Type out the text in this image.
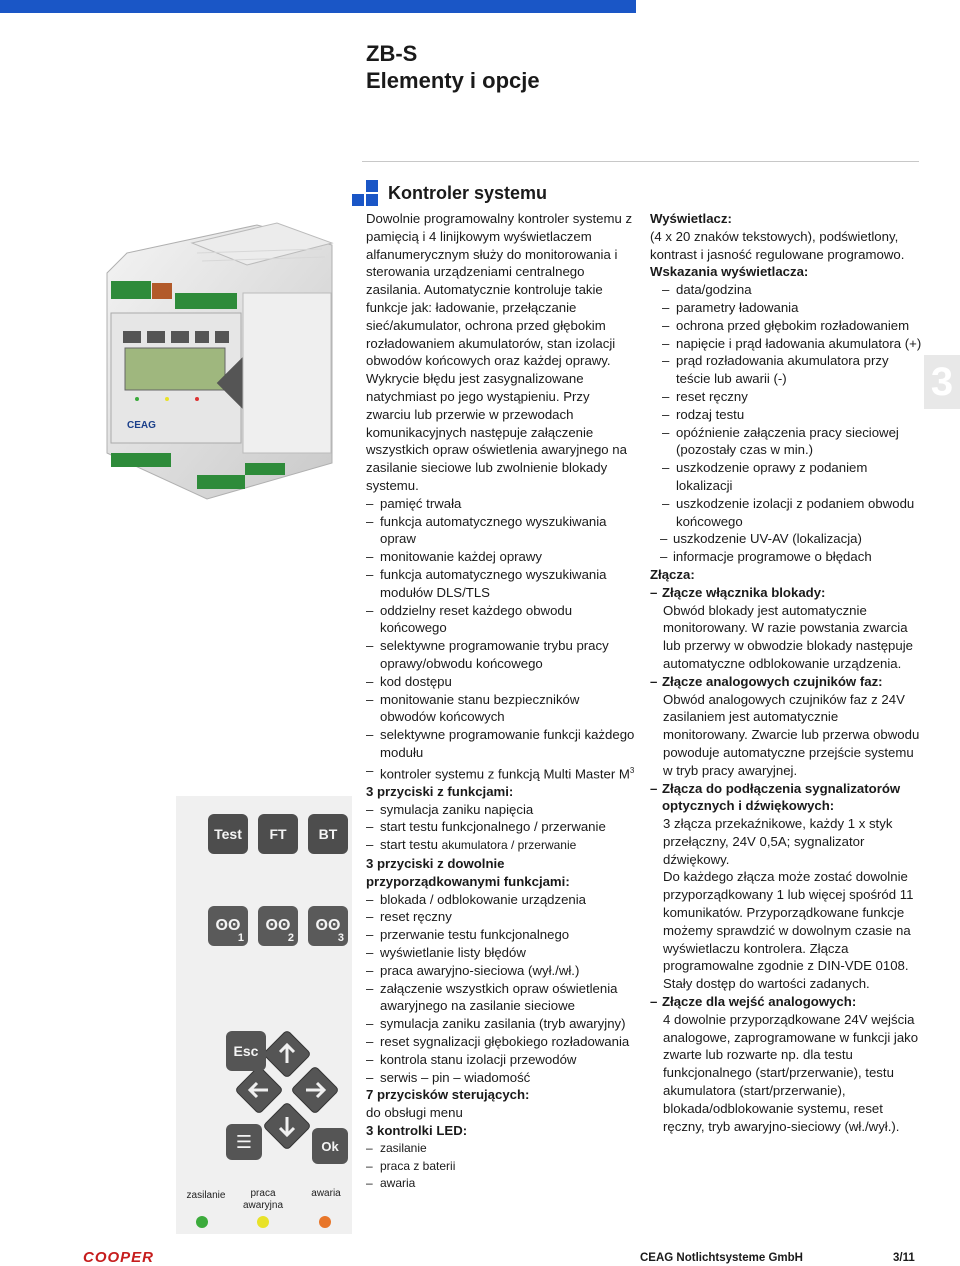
ZB-S
Elementy i opcje
Kontroler systemu
3
CEAG
Test	FT	BT
ʘʘ
1
ʘʘ
2
ʘʘ
3
Esc
Ok
☰
zasilanie	praca
awaryjna
awaria

Dowolnie programowalny kontroler systemu z pamięcią i 4 linijkowym wyświetlaczem alfanumerycznym służy do monitorowania i sterowania urządzeniami centralnego zasilania. Automatycznie kontroluje takie funkcje jak: ładowanie, przełączanie sieć/akumulator, ochrona przed głębokim rozładowaniem akumulatorów, stan izolacji obwodów końcowych oraz każdej oprawy. Wykrycie błędu jest zasygnalizowane natychmiast po jego wystąpieniu. Przy zwarciu lub przerwie w przewodach komunikacyjnych następuje załączenie wszystkich opraw oświetlenia awaryjnego na zasilanie sieciowe lub zwolnienie blokady systemu.

– pamięć trwała
– funkcja automatycznego wyszukiwania opraw
– monitowanie każdej oprawy
– funkcja automatycznego wyszukiwania modułów DLS/TLS
– oddzielny reset każdego obwodu końcowego
– selektywne programowanie trybu pracy oprawy/obwodu końcowego
– kod dostępu
– monitowanie stanu bezpieczników obwodów końcowych
– selektywne programowanie funkcji każdego modułu
– kontroler systemu z funkcją Multi Master $M^3$
3 przyciski z funkcjami:
– symulacja zaniku napięcia
– start testu funkcjonalnego / przerwanie
– start testu akumulatora / przerwanie
3 przyciski z dowolnie przyporządkowanymi funkcjami:
– blokada / odblokowanie urządzenia
– reset ręczny
– przerwanie testu funkcjonalnego
– wyświetlanie listy błędów
– praca awaryjno-sieciowa (wył./wł.)
– załączenie wszystkich opraw oświetlenia awaryjnego na zasilanie sieciowe
– symulacja zaniku zasilania (tryb awaryjny)
– reset sygnalizacji głębokiego rozładowania
– kontrola stanu izolacji przewodów
– serwis – pin – wiadomość
7 przycisków sterujących:
do obsługi menu
3 kontrolki LED:
– zasilanie
– praca z baterii
– awaria
Wyświetlacz:

(4 x 20 znaków tekstowych), podświetlony, kontrast i jasność regulowane programowo.

Wskazania wyświetlacza:
– data/godzina
– parametry ładowania
– ochrona przed głębokim rozładowaniem
– napięcie i prąd ładowania akumulatora (+)
– prąd rozładowania akumulatora przy teście lub awarii (-)
– reset ręczny
– rodzaj testu
– opóźnienie załączenia pracy sieciowej (pozostały czas w min.)
– uszkodzenie oprawy z podaniem lokalizacji
– uszkodzenie izolacji z podaniem obwodu końcowego
– uszkodzenie UV-AV (lokalizacja)
– informacje programowe o błędach
Złącza:
– Złącze włącznika blokady:
Obwód blokady jest automatycznie monitorowany. W razie powstania zwarcia lub przerwy w obwodzie blokady następuje automatyczne odblokowanie urządzenia.
– Złącze analogowych czujników faz:
Obwód analogowych czujników faz z 24V zasilaniem jest automatycznie monitorowany. Zwarcie lub przerwa obwodu powoduje automatyczne przejście systemu w tryb pracy awaryjnej.
– Złącza do podłączenia sygnalizatorów optycznych i dźwiękowych:
3 złącza przekaźnikowe, każdy 1 x styk przełączny, 24V 0,5A; sygnalizator dźwiękowy.
Do każdego złącza może zostać dowolnie przyporządkowany 1 lub więcej spośród 11 komunikatów. Przyporządkowane funkcje możemy sprawdzić w dowolnym czasie na wyświetlaczu kontrolera. Złącza programowalne zgodnie z DIN-VDE 0108. Stały dostęp do wartości zadanych.
– Złącze dla wejść analogowych:
4 dowolnie przyporządkowane 24V wejścia analogowe, zaprogramowane w funkcji jako zwarte lub rozwarte np. dla testu funkcjonalnego (start/przerwanie), testu akumulatora (start/przerwanie), blokada/odblokowanie systemu, reset ręczny, tryb awaryjno-sieciowy (wł./wył.).
COOPER	CEAG Notlichtsysteme GmbH	3/11
